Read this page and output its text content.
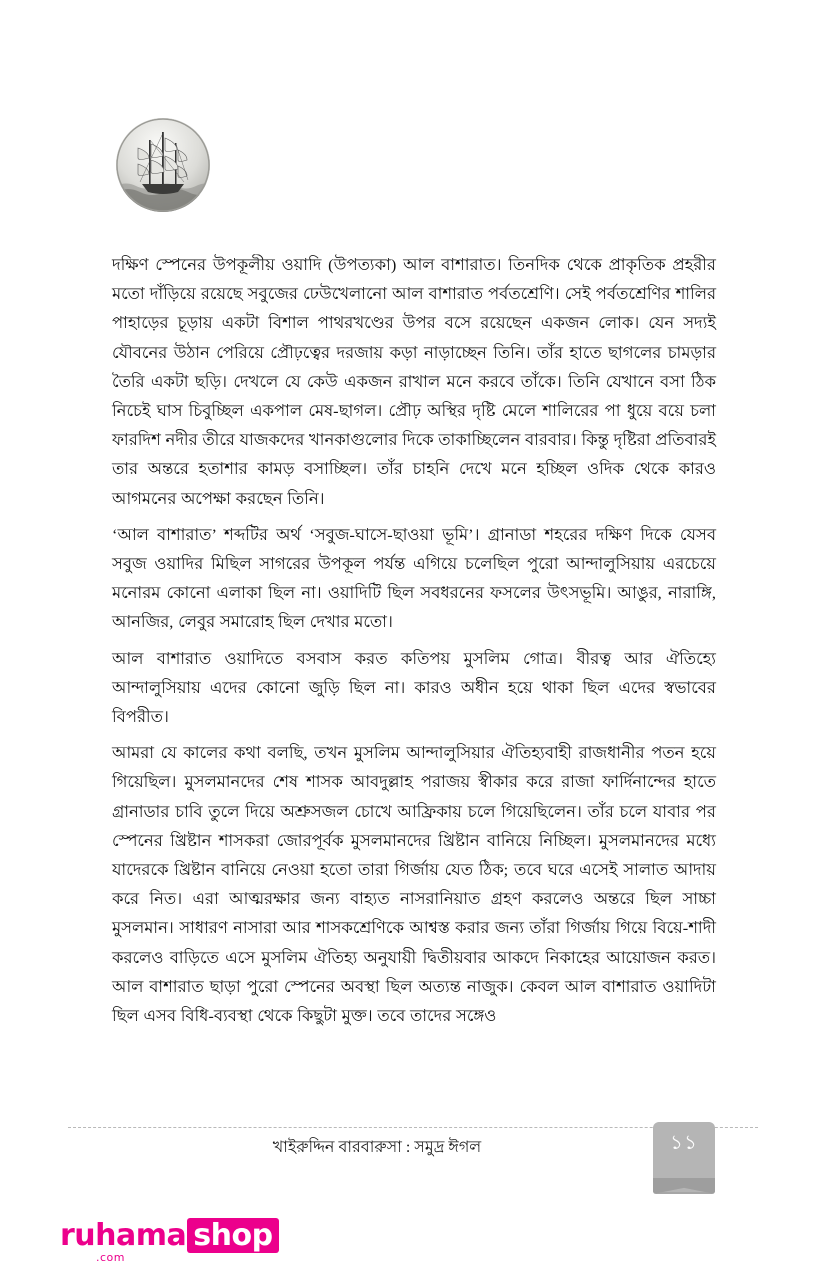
দক্ষিণ স্পেনের উপকূলীয় ওয়াদি (উপত্যকা) আল বাশারাত। তিনদিক থেকে প্রাকৃতিক প্রহরীর মতো দাঁড়িয়ে রয়েছে সবুজের ঢেউখেলানো আল বাশারাত পর্বতশ্রেণি। সেই পর্বতশ্রেণির শালির পাহাড়ের চূড়ায় একটা বিশাল পাথরখণ্ডের উপর বসে রয়েছেন একজন লোক। যেন সদ্যই যৌবনের উঠান পেরিয়ে প্রৌঢ়ত্বের দরজায় কড়া নাড়াচ্ছেন তিনি। তাঁর হাতে ছাগলের চামড়ার তৈরি একটা ছড়ি। দেখলে যে কেউ একজন রাখাল মনে করবে তাঁকে। তিনি যেখানে বসা ঠিক নিচেই ঘাস চিবুচ্ছিল একপাল মেষ-ছাগল। প্রৌঢ় অস্থির দৃষ্টি মেলে শালিরের পা ধুয়ে বয়ে চলা ফারদিশ নদীর তীরে যাজকদের খানকাগুলোর দিকে তাকাচ্ছিলেন বারবার। কিন্তু দৃষ্টিরা প্রতিবারই তার অন্তরে হতাশার কামড় বসাচ্ছিল। তাঁর চাহনি দেখে মনে হচ্ছিল ওদিক থেকে কারও আগমনের অপেক্ষা করছেন তিনি।

‘আল বাশারাত’ শব্দটির অর্থ ‘সবুজ-ঘাসে-ছাওয়া ভূমি’। গ্রানাডা শহরের দক্ষিণ দিকে যেসব সবুজ ওয়াদির মিছিল সাগরের উপকূল পর্যন্ত এগিয়ে চলেছিল পুরো আন্দালুসিয়ায় এরচেয়ে মনোরম কোনো এলাকা ছিল না। ওয়াদিটি ছিল সবধরনের ফসলের উৎসভূমি। আঙুর, নারাঙ্গি, আনজির, লেবুর সমারোহ ছিল দেখার মতো।

আল বাশারাত ওয়াদিতে বসবাস করত কতিপয় মুসলিম গোত্র। বীরত্ব আর ঐতিহ্যে আন্দালুসিয়ায় এদের কোনো জুড়ি ছিল না। কারও অধীন হয়ে থাকা ছিল এদের স্বভাবের বিপরীত।

আমরা যে কালের কথা বলছি, তখন মুসলিম আন্দালুসিয়ার ঐতিহ্যবাহী রাজধানীর পতন হয়ে গিয়েছিল। মুসলমানদের শেষ শাসক আবদুল্লাহ পরাজয় স্বীকার করে রাজা ফার্দিনান্দের হাতে গ্রানাডার চাবি তুলে দিয়ে অশ্রুসজল চোখে আফ্রিকায় চলে গিয়েছিলেন। তাঁর চলে যাবার পর স্পেনের খ্রিষ্টান শাসকরা জোরপূর্বক মুসলমানদের খ্রিষ্টান বানিয়ে নিচ্ছিল। মুসলমানদের মধ্যে যাদেরকে খ্রিষ্টান বানিয়ে নেওয়া হতো তারা গির্জায় যেত ঠিক; তবে ঘরে এসেই সালাত আদায় করে নিত। এরা আত্মরক্ষার জন্য বাহ্যত নাসরানিয়াত গ্রহণ করলেও অন্তরে ছিল সাচ্চা মুসলমান। সাধারণ নাসারা আর শাসকশ্রেণিকে আশ্বস্ত করার জন্য তাঁরা গির্জায় গিয়ে বিয়ে-শাদী করলেও বাড়িতে এসে মুসলিম ঐতিহ্য অনুযায়ী দ্বিতীয়বার আকদে নিকাহের আয়োজন করত। আল বাশারাত ছাড়া পুরো স্পেনের অবস্থা ছিল অত্যন্ত নাজুক। কেবল আল বাশারাত ওয়াদিটা ছিল এসব বিধি-ব্যবস্থা থেকে কিছুটা মুক্ত। তবে তাদের সঙ্গেও

খাইরুদ্দিন বারবারুসা : সমুদ্র ঈগল	১১
ruhama shop
.com
